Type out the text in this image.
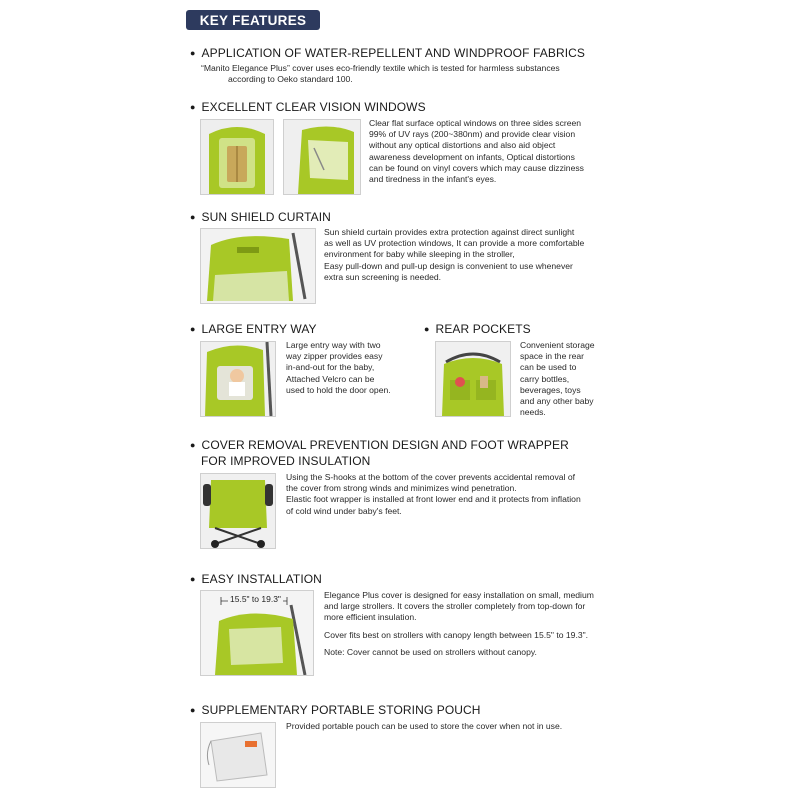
KEY FEATURES
● APPLICATION OF WATER-REPELLENT AND WINDPROOF FABRICS
“Manito Elegance Plus” cover uses eco-friendly textile which is tested for harmless substances
according to Oeko standard 100.
● EXCELLENT CLEAR VISION WINDOWS
Clear flat surface optical windows on three sides screen
99% of UV rays (200~380nm) and provide clear vision
without any optical distortions and also aid object
awareness development on infants, Optical distortions
can be found on vinyl covers which may cause dizziness
and tiredness in the infant's eyes.
● SUN SHIELD CURTAIN
Sun shield curtain provides extra protection against direct sunlight
as well as UV protection windows, It can provide a more comfortable
environment for baby while sleeping in the stroller,
Easy pull-down and pull-up design is convenient to use whenever
extra sun screening is needed.
● LARGE ENTRY WAY
Large entry way with two
way zipper provides easy
in-and-out for the baby,
Attached Velcro can be
used to hold the door open.
● REAR POCKETS
Convenient storage
space in the rear
can be used to
carry bottles,
beverages, toys
and any other baby
needs.
● COVER REMOVAL PREVENTION DESIGN AND FOOT WRAPPER
FOR IMPROVED INSULATION
Using the S-hooks at the bottom of the cover prevents accidental removal of
the cover from strong winds and minimizes wind penetration.
Elastic foot wrapper is installed at front lower end and it protects from inflation
of cold wind under baby's feet.
● EASY INSTALLATION
15.5" to 19.3"	Elegance Plus cover is designed for easy installation on small, medium
and large strollers. It covers the stroller completely from top-down for
more efficient insulation.
Cover fits best on strollers with canopy length between 15.5" to 19.3".
Note: Cover cannot be used on strollers without canopy.
● SUPPLEMENTARY PORTABLE STORING POUCH
Provided portable pouch can be used to store the cover when not in use.
